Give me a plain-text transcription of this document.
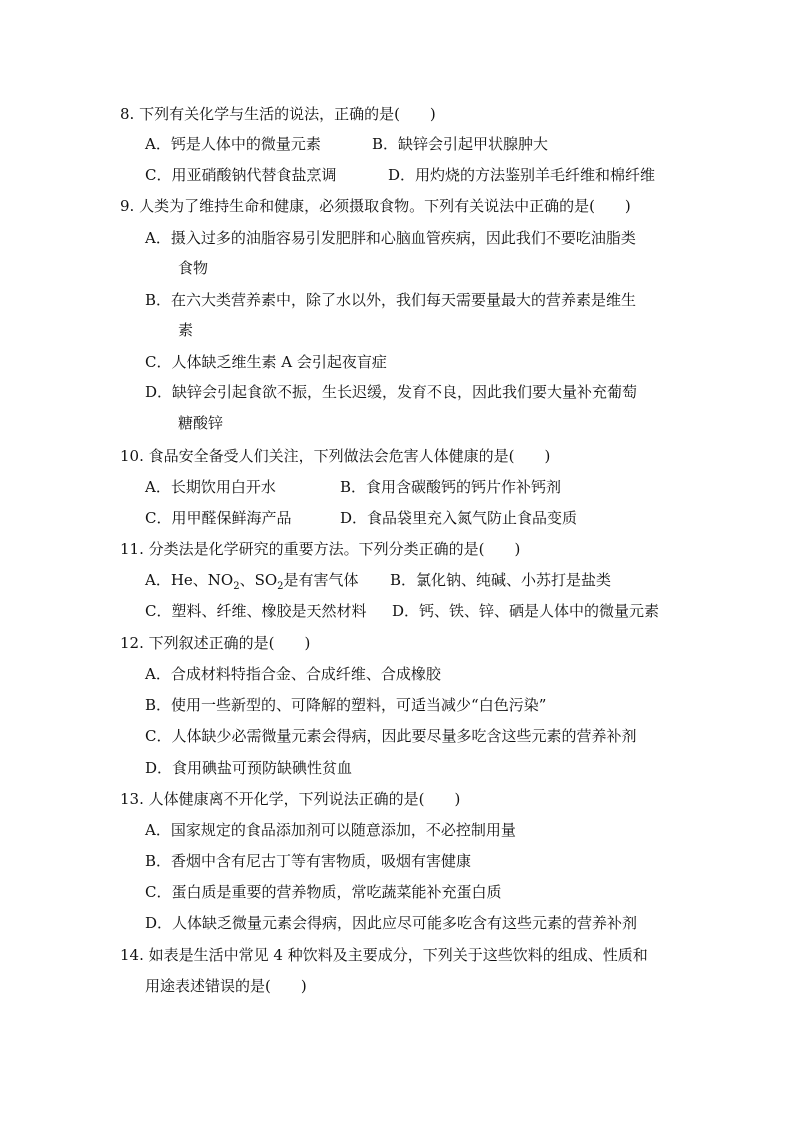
8. 下列有关化学与生活的说法，正确的是(　　)
A．钙是人体中的微量元素	B．缺锌会引起甲状腺肿大
C．用亚硝酸钠代替食盐烹调	D．用灼烧的方法鉴别羊毛纤维和棉纤维
9. 人类为了维持生命和健康，必须摄取食物。下列有关说法中正确的是(　　)
A．摄入过多的油脂容易引发肥胖和心脑血管疾病，因此我们不要吃油脂类
食物
B．在六大类营养素中，除了水以外，我们每天需要量最大的营养素是维生
素
C．人体缺乏维生素 A 会引起夜盲症
D．缺锌会引起食欲不振，生长迟缓，发育不良，因此我们要大量补充葡萄
糖酸锌
10. 食品安全备受人们关注，下列做法会危害人体健康的是(　　)
A．长期饮用白开水	B．食用含碳酸钙的钙片作补钙剂
C．用甲醛保鲜海产品	D．食品袋里充入氮气防止食品变质
11. 分类法是化学研究的重要方法。下列分类正确的是(　　)
A．He、$NO_2$、$SO_2$是有害气体 B．氯化钠、纯碱、小苏打是盐类
C．塑料、纤维、橡胶是天然材料 D．钙、铁、锌、硒是人体中的微量元素
12. 下列叙述正确的是(　　)
A．合成材料特指合金、合成纤维、合成橡胶
B．使用一些新型的、可降解的塑料，可适当减少“白色污染”
C．人体缺少必需微量元素会得病，因此要尽量多吃含这些元素的营养补剂
D．食用碘盐可预防缺碘性贫血
13. 人体健康离不开化学，下列说法正确的是(　　)
A．国家规定的食品添加剂可以随意添加，不必控制用量
B．香烟中含有尼古丁等有害物质，吸烟有害健康
C．蛋白质是重要的营养物质，常吃蔬菜能补充蛋白质
D．人体缺乏微量元素会得病，因此应尽可能多吃含有这些元素的营养补剂
14. 如表是生活中常见 4 种饮料及主要成分，下列关于这些饮料的组成、性质和
用途表述错误的是(　　)
